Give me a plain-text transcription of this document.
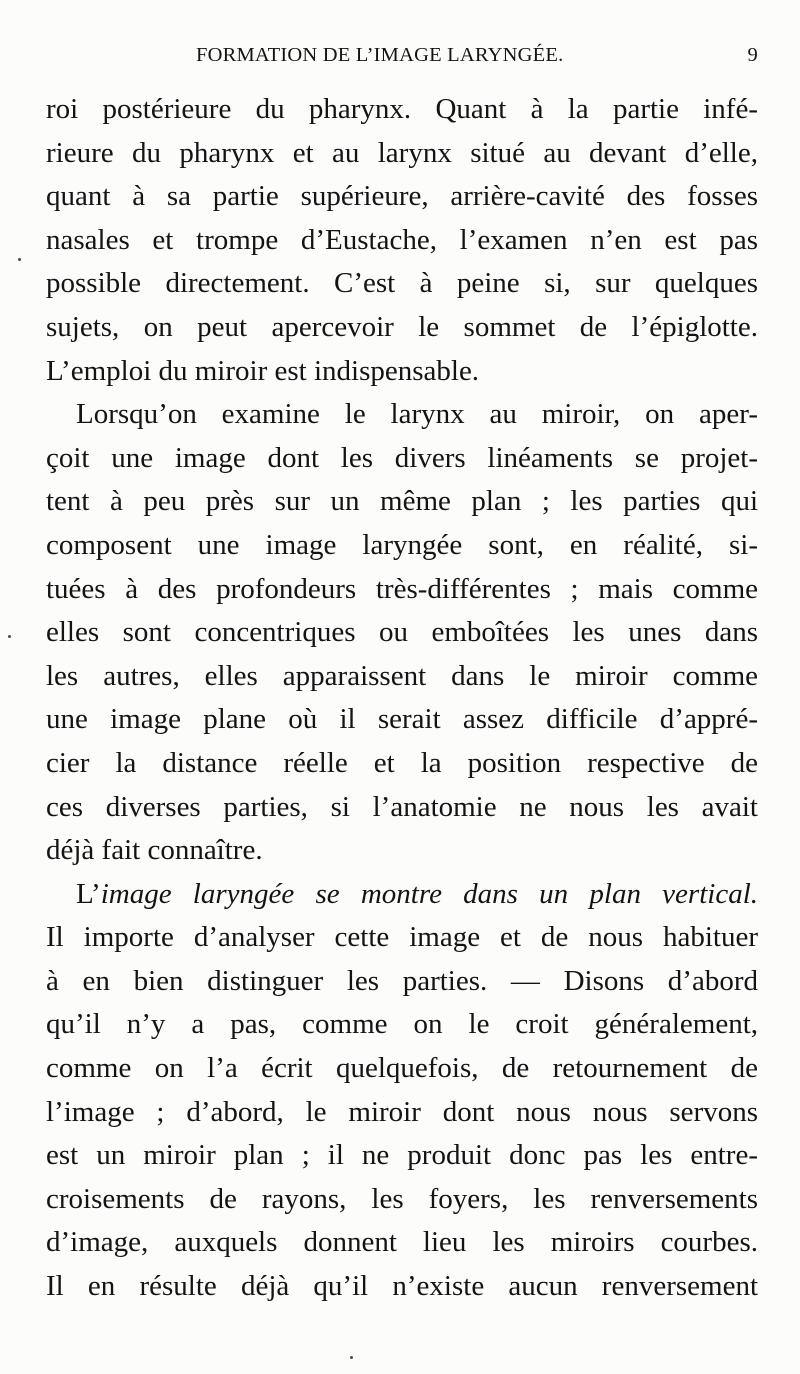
FORMATION DE L’IMAGE LARYNGÉE.	9
roi postérieure du pharynx. Quant à la partie infé-
rieure du pharynx et au larynx situé au devant d’elle,
quant à sa partie supérieure, arrière-cavité des fosses
nasales et trompe d’Eustache, l’examen n’en est pas
possible directement. C’est à peine si, sur quelques
sujets, on peut apercevoir le sommet de l’épiglotte.
L’emploi du miroir est indispensable.
Lorsqu’on examine le larynx au miroir, on aper-
çoit une image dont les divers linéaments se projet-
tent à peu près sur un même plan ; les parties qui
composent une image laryngée sont, en réalité, si-
tuées à des profondeurs très-différentes ; mais comme
elles sont concentriques ou emboîtées les unes dans
les autres, elles apparaissent dans le miroir comme
une image plane où il serait assez difficile d’appré-
cier la distance réelle et la position respective de
ces diverses parties, si l’anatomie ne nous les avait
déjà fait connaître.
L’image laryngée se montre dans un plan vertical.
Il importe d’analyser cette image et de nous habituer
à en bien distinguer les parties. — Disons d’abord
qu’il n’y a pas, comme on le croit généralement,
comme on l’a écrit quelquefois, de retournement de
l’image ; d’abord, le miroir dont nous nous servons
est un miroir plan ; il ne produit donc pas les entre-
croisements de rayons, les foyers, les renversements
d’image, auxquels donnent lieu les miroirs courbes.
Il en résulte déjà qu’il n’existe aucun renversement
